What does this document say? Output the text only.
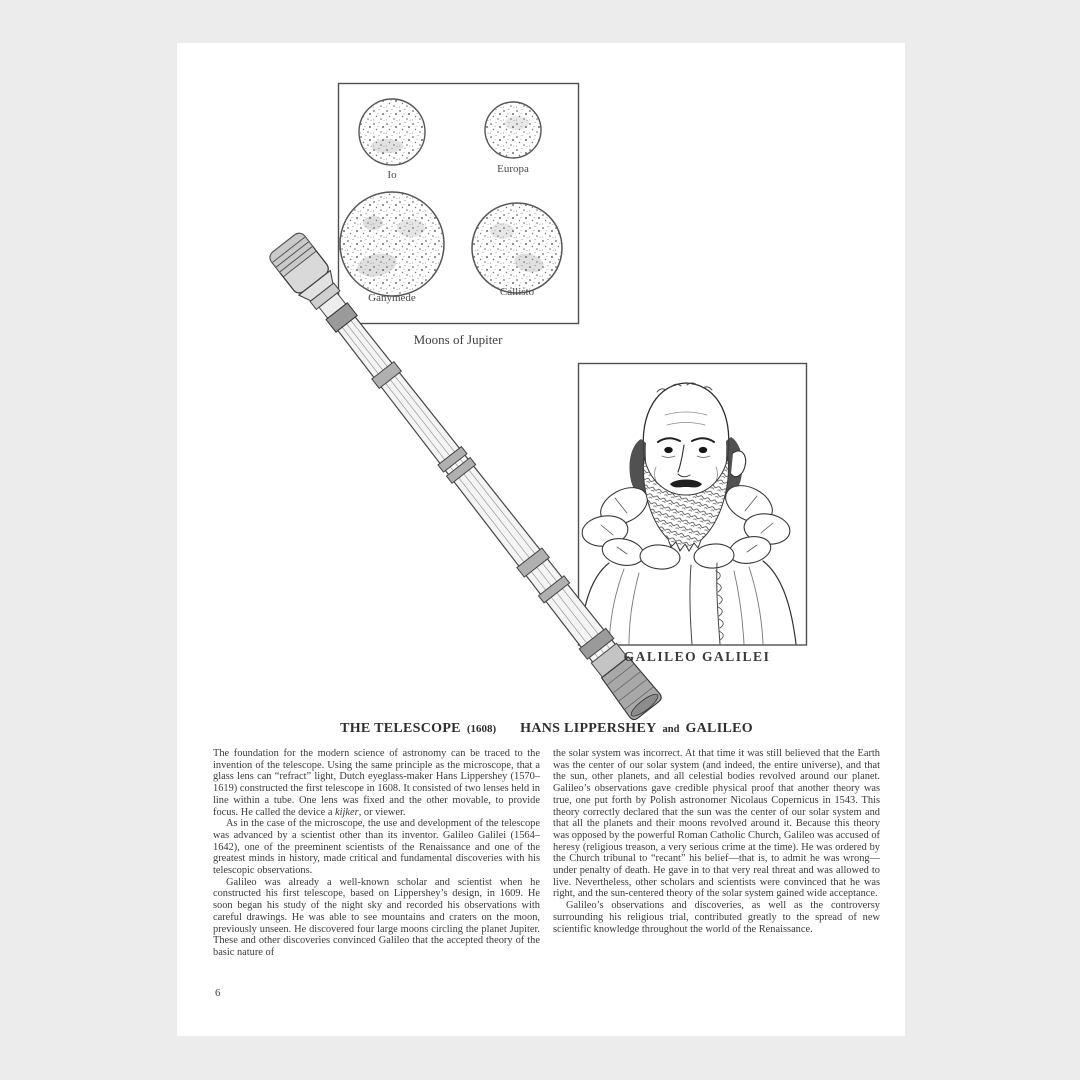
Io	Europa
Ganymede	Callisto
Moons of Jupiter
GALILEO GALILEI
THE TELESCOPE (1608) HANS LIPPERSHEY and GALILEO

The foundation for the modern science of astronomy can be traced to the invention of the telescope. Using the same principle as the microscope, that a glass lens can “refract” light, Dutch eyeglass-maker Hans Lippershey (1570–1619) constructed the first telescope in 1608. It consisted of two lenses held in line within a tube. One lens was fixed and the other movable, to provide focus. He called the device a kijker, or viewer.

As in the case of the microscope, the use and development of the telescope was advanced by a scientist other than its inventor. Galileo Galilei (1564–1642), one of the preeminent scientists of the Renaissance and one of the greatest minds in history, made critical and fundamental discoveries with his telescopic observations.

Galileo was already a well-known scholar and scientist when he constructed his first telescope, based on Lippershey’s design, in 1609. He soon began his study of the night sky and recorded his observations with careful drawings. He was able to see mountains and craters on the moon, previously unseen. He discovered four large moons circling the planet Jupiter. These and other discoveries convinced Galileo that the accepted theory of the basic nature of

the solar system was incorrect. At that time it was still believed that the Earth was the center of our solar system (and indeed, the entire universe), and that the sun, other planets, and all celestial bodies revolved around our planet. Galileo’s observations gave credible physical proof that another theory was true, one put forth by Polish astronomer Nicolaus Copernicus in 1543. This theory correctly declared that the sun was the center of our solar system and that all the planets and their moons revolved around it. Because this theory was opposed by the powerful Roman Catholic Church, Galileo was accused of heresy (religious treason, a very serious crime at the time). He was ordered by the Church tribunal to “recant” his belief—that is, to admit he was wrong—under penalty of death. He gave in to that very real threat and was allowed to live. Nevertheless, other scholars and scientists were convinced that he was right, and the sun-centered theory of the solar system gained wide acceptance.

Galileo’s observations and discoveries, as well as the controversy surrounding his religious trial, contributed greatly to the spread of new scientific knowledge throughout the world of the Renaissance.

6
